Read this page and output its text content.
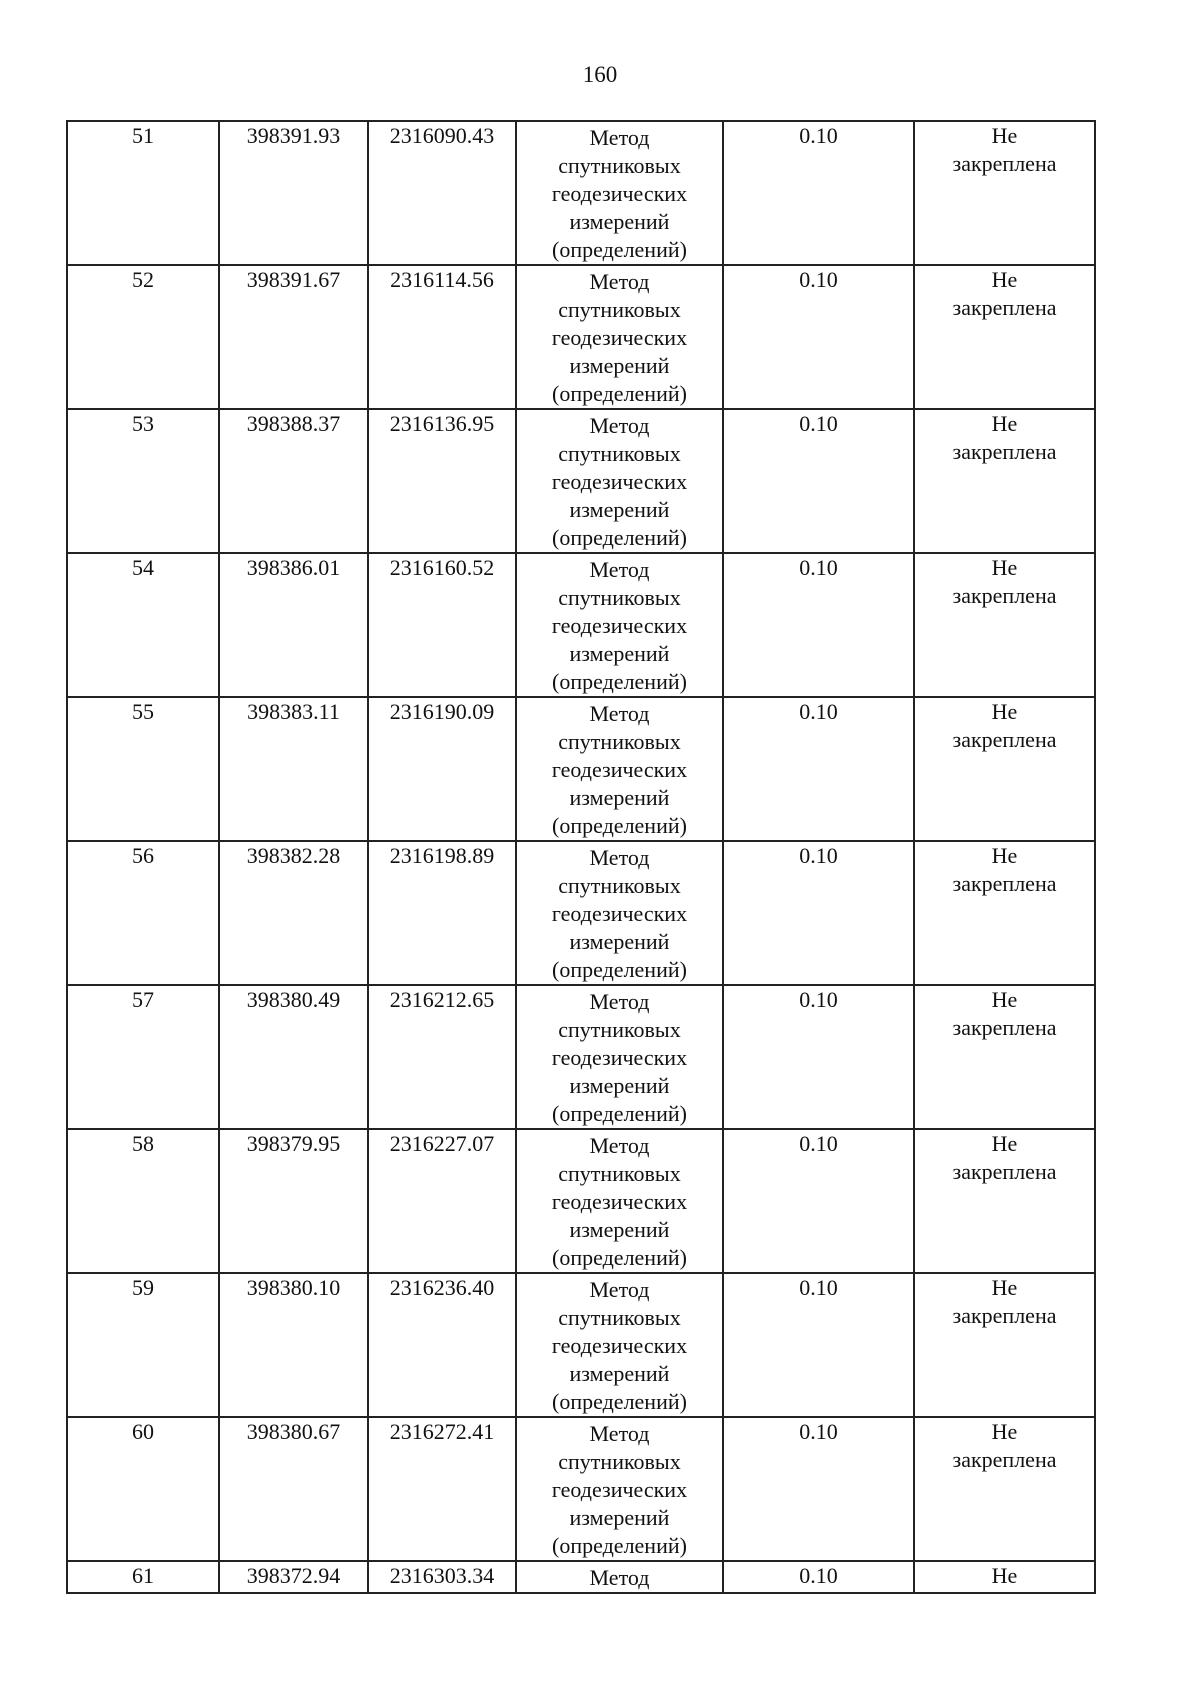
160
51	398391.93	2316090.43	Метод
спутниковых
геодезических
измерений
(определений)	0.10	Не
закреплена

52	398391.67	2316114.56	Метод
спутниковых
геодезических
измерений
(определений)	0.10	Не
закреплена

53	398388.37	2316136.95	Метод
спутниковых
геодезических
измерений
(определений)	0.10	Не
закреплена

54	398386.01	2316160.52	Метод
спутниковых
геодезических
измерений
(определений)	0.10	Не
закреплена

55	398383.11	2316190.09	Метод
спутниковых
геодезических
измерений
(определений)	0.10	Не
закреплена

56	398382.28	2316198.89	Метод
спутниковых
геодезических
измерений
(определений)	0.10	Не
закреплена

57	398380.49	2316212.65	Метод
спутниковых
геодезических
измерений
(определений)	0.10	Не
закреплена

58	398379.95	2316227.07	Метод
спутниковых
геодезических
измерений
(определений)	0.10	Не
закреплена

59	398380.10	2316236.40	Метод
спутниковых
геодезических
измерений
(определений)	0.10	Не
закреплена

60	398380.67	2316272.41	Метод
спутниковых
геодезических
измерений
(определений)	0.10	Не
закреплена

61	398372.94	2316303.34	Метод	0.10	Не
